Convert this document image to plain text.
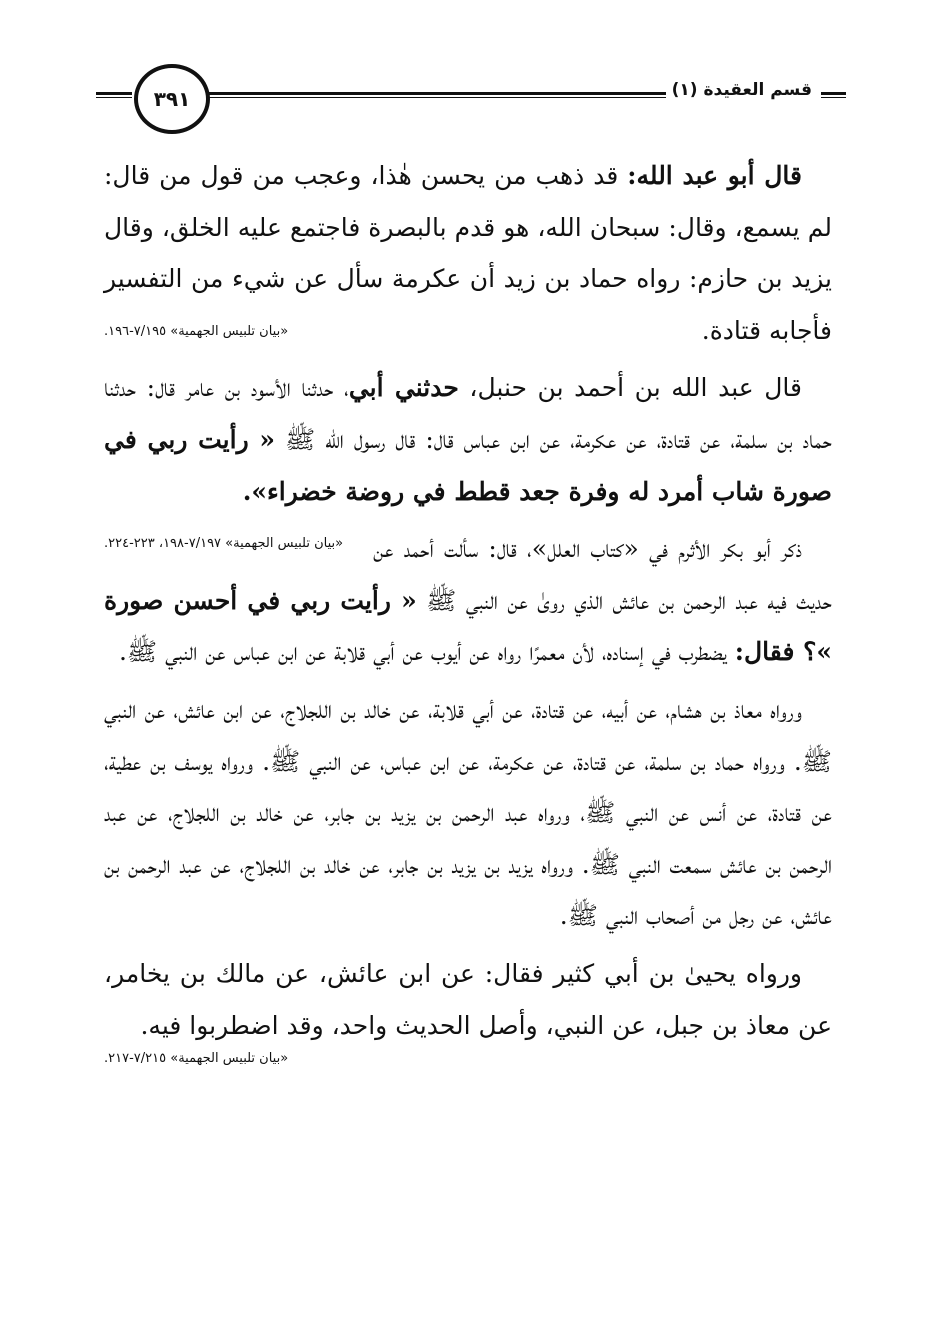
٣٩١	قسم العقيدة (١)

قال أبو عبد الله: قد ذهب من يحسن هٰذا، وعجب من قول من قال: لم يسمع، وقال: سبحان الله، هو قدم بالبصرة فاجتمع عليه الخلق، وقال يزيد بن حازم: رواه حماد بن زيد أن عكرمة سأل عن شيء من التفسير فأجابه قتادة.
«بيان تلبيس الجهمية» ٧/١٩٥-١٩٦.

قال عبد الله بن أحمد بن حنبل، حدثني أبي، حدثنا الأسود بن عامر قال: حدثنا حماد بن سلمة، عن قتادة، عن عكرمة، عن ابن عباس قال: قال رسول الله ﷺ « رأيت ربي في صورة شاب أمرد له وفرة جعد قطط في روضة خضراء».
«بيان تلبيس الجهمية» ٧/١٩٧-١٩٨، ٢٢٣-٢٢٤.	ذكر أبو بكر الأثرم في «كتاب العلل»، قال: سألت أحمد عن حديث فيه عبد الرحمن بن عائش الذي روىٰ عن النبي ﷺ « رأيت ربي في أحسن صورة »؟ فقال: يضطرب في إسناده، لأن معمرًا رواه عن أيوب عن أبي قلابة عن ابن عباس عن النبي ﷺ.

ورواه معاذ بن هشام، عن أبيه، عن قتادة، عن أبي قلابة، عن خالد بن اللجلاج، عن ابن عائش، عن النبي ﷺ. ورواه حماد بن سلمة، عن قتادة، عن عكرمة، عن ابن عباس، عن النبي ﷺ. ورواه يوسف بن عطية، عن قتادة، عن أنس عن النبي ﷺ، ورواه عبد الرحمن بن يزيد بن جابر، عن خالد بن اللجلاج، عن عبد الرحمن بن عائش سمعت النبي ﷺ. ورواه يزيد بن يزيد بن جابر، عن خالد بن اللجلاج، عن عبد الرحمن بن عائش، عن رجل من أصحاب النبي ﷺ.

ورواه يحيىٰ بن أبي كثير فقال: عن ابن عائش، عن مالك بن يخامر، عن معاذ بن جبل، عن النبي، وأصل الحديث واحد، وقد اضطربوا فيه.

«بيان تلبيس الجهمية» ٧/٢١٥-٢١٧.
